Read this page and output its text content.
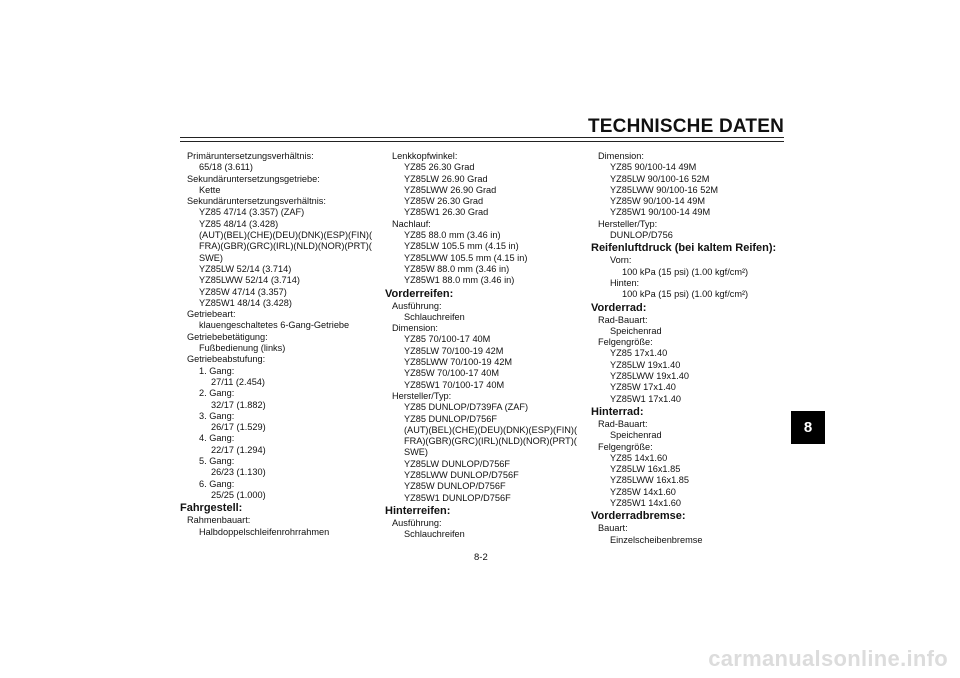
TECHNISCHE DATEN
Primäruntersetzungsverhältnis:
65/18 (3.611)
Sekundäruntersetzungsgetriebe:
Kette
Sekundäruntersetzungsverhältnis:
YZ85 47/14 (3.357) (ZAF)
YZ85 48/14 (3.428)
(AUT)(BEL)(CHE)(DEU)(DNK)(ESP)(FIN)(
FRA)(GBR)(GRC)(IRL)(NLD)(NOR)(PRT)(
SWE)
YZ85LW 52/14 (3.714)
YZ85LWW 52/14 (3.714)
YZ85W 47/14 (3.357)
YZ85W1 48/14 (3.428)
Getriebeart:
klauengeschaltetes 6-Gang-Getriebe
Getriebebetätigung:
Fußbedienung (links)
Getriebeabstufung:
1. Gang:
27/11 (2.454)
2. Gang:
32/17 (1.882)
3. Gang:
26/17 (1.529)
4. Gang:
22/17 (1.294)
5. Gang:
26/23 (1.130)
6. Gang:
25/25 (1.000)
Fahrgestell:
Rahmenbauart:
Halbdoppelschleifenrohrrahmen
Lenkkopfwinkel:
YZ85 26.30 Grad
YZ85LW 26.90 Grad
YZ85LWW 26.90 Grad
YZ85W 26.30 Grad
YZ85W1 26.30 Grad
Nachlauf:
YZ85 88.0 mm (3.46 in)
YZ85LW 105.5 mm (4.15 in)
YZ85LWW 105.5 mm (4.15 in)
YZ85W 88.0 mm (3.46 in)
YZ85W1 88.0 mm (3.46 in)
Vorderreifen:
Ausführung:
Schlauchreifen
Dimension:
YZ85 70/100-17 40M
YZ85LW 70/100-19 42M
YZ85LWW 70/100-19 42M
YZ85W 70/100-17 40M
YZ85W1 70/100-17 40M
Hersteller/Typ:
YZ85 DUNLOP/D739FA (ZAF)
YZ85 DUNLOP/D756F
(AUT)(BEL)(CHE)(DEU)(DNK)(ESP)(FIN)(
FRA)(GBR)(GRC)(IRL)(NLD)(NOR)(PRT)(
SWE)
YZ85LW DUNLOP/D756F
YZ85LWW DUNLOP/D756F
YZ85W DUNLOP/D756F
YZ85W1 DUNLOP/D756F
Hinterreifen:
Ausführung:
Schlauchreifen
Dimension:
YZ85 90/100-14 49M
YZ85LW 90/100-16 52M
YZ85LWW 90/100-16 52M
YZ85W 90/100-14 49M
YZ85W1 90/100-14 49M
Hersteller/Typ:
DUNLOP/D756
Reifenluftdruck (bei kaltem Reifen):
Vorn:
100 kPa (15 psi) (1.00 kgf/cm²)
Hinten:
100 kPa (15 psi) (1.00 kgf/cm²)
Vorderrad:
Rad-Bauart:
Speichenrad
Felgengröße:
YZ85 17x1.40
YZ85LW 19x1.40
YZ85LWW 19x1.40
YZ85W 17x1.40
YZ85W1 17x1.40
Hinterrad:
Rad-Bauart:
Speichenrad
Felgengröße:
YZ85 14x1.60
YZ85LW 16x1.85
YZ85LWW 16x1.85
YZ85W 14x1.60
YZ85W1 14x1.60
Vorderradbremse:
Bauart:
Einzelscheibenbremse
8-2
8
carmanualsonline.info
